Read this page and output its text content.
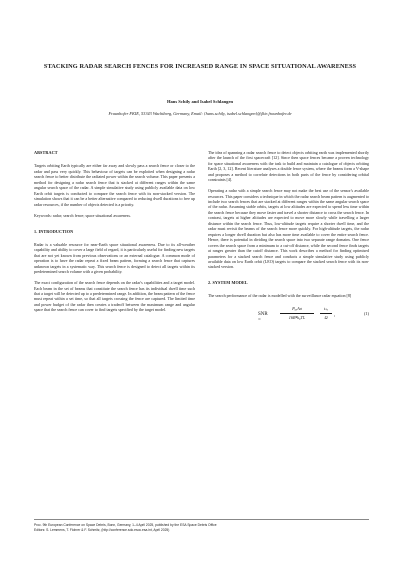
STACKING RADAR SEARCH FENCES FOR INCREASED RANGE IN SPACE SITUATIONAL AWARENESS
Hans Schily and Isabel Schlangen
Fraunhofer FKIE, 53343 Wachtberg, Germany, Email: {hans.schily, isabel.schlangen}@fkie.fraunhofer.de
ABSTRACT

Targets orbiting Earth typically are either far away and slowly pass a search fence or closer to the radar and pass very quickly. This behaviour of targets can be exploited when designing a radar search fence to better distribute the radiated power within the search volume. This paper presents a method for designing a radar search fence that is stacked at different ranges within the same angular search space of the radar. A simple simulative study using publicly available data on low Earth orbit targets is conducted to compare the search fence with its non-stacked version. The simulation shows that it can be a better alternative compared to reducing dwell durations to free up radar resources, if the number of objects detected is a priority.

Keywords: radar; search fence; space situational awareness.

1. INTRODUCTION

Radar is a valuable resource for near-Earth space situational awareness. Due to its all-weather capability and ability to cover a large field of regard, it is particularly useful for finding new targets that are not yet known from previous observations or an external catalogue. A common mode of operation is to have the radar repeat a fixed beam pattern, forming a search fence that captures unknown targets in a systematic way. This search fence is designed to detect all targets within its predetermined search volume with a given probability.

The exact configuration of the search fence depends on the radar's capabilities and a target model. Each beam in the set of beams that constitute the search fence has its individual dwell time such that a target will be detected up to a predetermined range. In addition, the beam pattern of the fence must repeat within a set time, so that all targets crossing the fence are captured. The limited time and power budget of the radar then creates a tradeoff between the maximum range and angular space that the search fence can cover to find targets specified by the target model.

The idea of spanning a radar search fence to detect objects orbiting earth was implemented shortly after the launch of the first spacecraft [12]. Since then space fences became a proven technology for space situational awareness with the task to build and maintain a catalogue of objects orbiting Earth [2, 3, 12]. Recent literature analyses a double fence system, where the beams form a V-shape and proposes a method to correlate detections in both parts of the fence by considering orbital constraints [4].

Operating a radar with a simple search fence may not make the best use of the sensor's available resources. This paper considers a technique in which the radar search beam pattern is augmented to include two search fences that are stacked at different ranges within the same angular search space of the radar. Assuming stable orbits, targets at low altitudes are expected to spend less time within the search fence because they move faster and travel a shorter distance to cross the search fence. In contrast, targets at higher altitudes are expected to move more slowly while travelling a larger distance within the search fence. Thus, low-altitude targets require a shorter dwell time, and the radar must revisit the beams of the search fence more quickly. For high-altitude targets, the radar requires a longer dwell duration but also has more time available to cover the entire search fence. Hence, there is potential in dividing the search space into two separate range domains. One fence covers the search space from a minimum to a cut-off distance, while the second fence finds targets at ranges greater than the cutoff distance. This work describes a method for finding optimised parameters for a stacked search fence and conducts a simple simulative study using publicly available data on low Earth orbit (LEO) targets to compare the stacked search fence with its non-stacked version.

2. SYSTEM MODEL

The search performance of the radar is modelled with the surveillance radar equation [8]

SNR =
PₐᵥAσ
16R⁴k₀TL
tₛₑ
Ω	,	(1)
Proc. 9th European Conference on Space Debris, Bonn, Germany, 1–4 April 2025, published by the ESA Space Debris Office
Editors: S. Lemmens, T. Flohrer & F. Schmitz, (http://conference.sdo.esoc.esa.int, April 2025)
